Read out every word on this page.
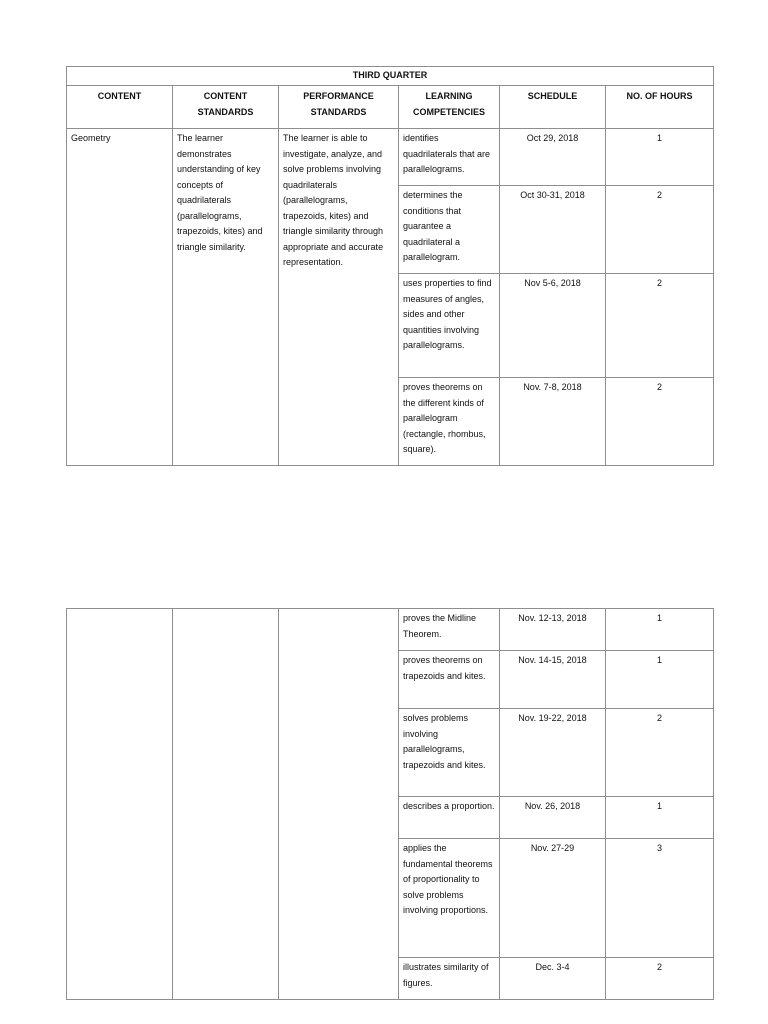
THIRD QUARTER					
CONTENT	CONTENT STANDARDS	PERFORMANCE STANDARDS	LEARNING COMPETENCIES	SCHEDULE	NO. OF HOURS
Geometry	The learner demonstrates understanding of key concepts of quadrilaterals (parallelograms, trapezoids, kites) and triangle similarity.	The learner is able to investigate, analyze, and solve problems involving quadrilaterals (parallelograms, trapezoids, kites) and triangle similarity through appropriate and accurate representation.	identifies quadrilaterals that are parallelograms.	Oct 29, 2018	1
			determines the conditions that guarantee a quadrilateral a parallelogram.	Oct 30-31, 2018	2
			uses properties to find measures of angles, sides and other quantities involving parallelograms.	Nov 5-6, 2018	2
			proves theorems on the different kinds of parallelogram (rectangle, rhombus, square).	Nov. 7-8, 2018	2
			proves the Midline Theorem.	Nov. 12-13, 2018	1
			proves theorems on trapezoids and kites.	Nov. 14-15, 2018	1
			solves problems involving parallelograms, trapezoids and kites.	Nov. 19-22, 2018	2
			describes a proportion.	Nov. 26, 2018	1
			applies the fundamental theorems of proportionality to solve problems involving proportions.	Nov. 27-29	3
			illustrates similarity of figures.	Dec. 3-4	2
